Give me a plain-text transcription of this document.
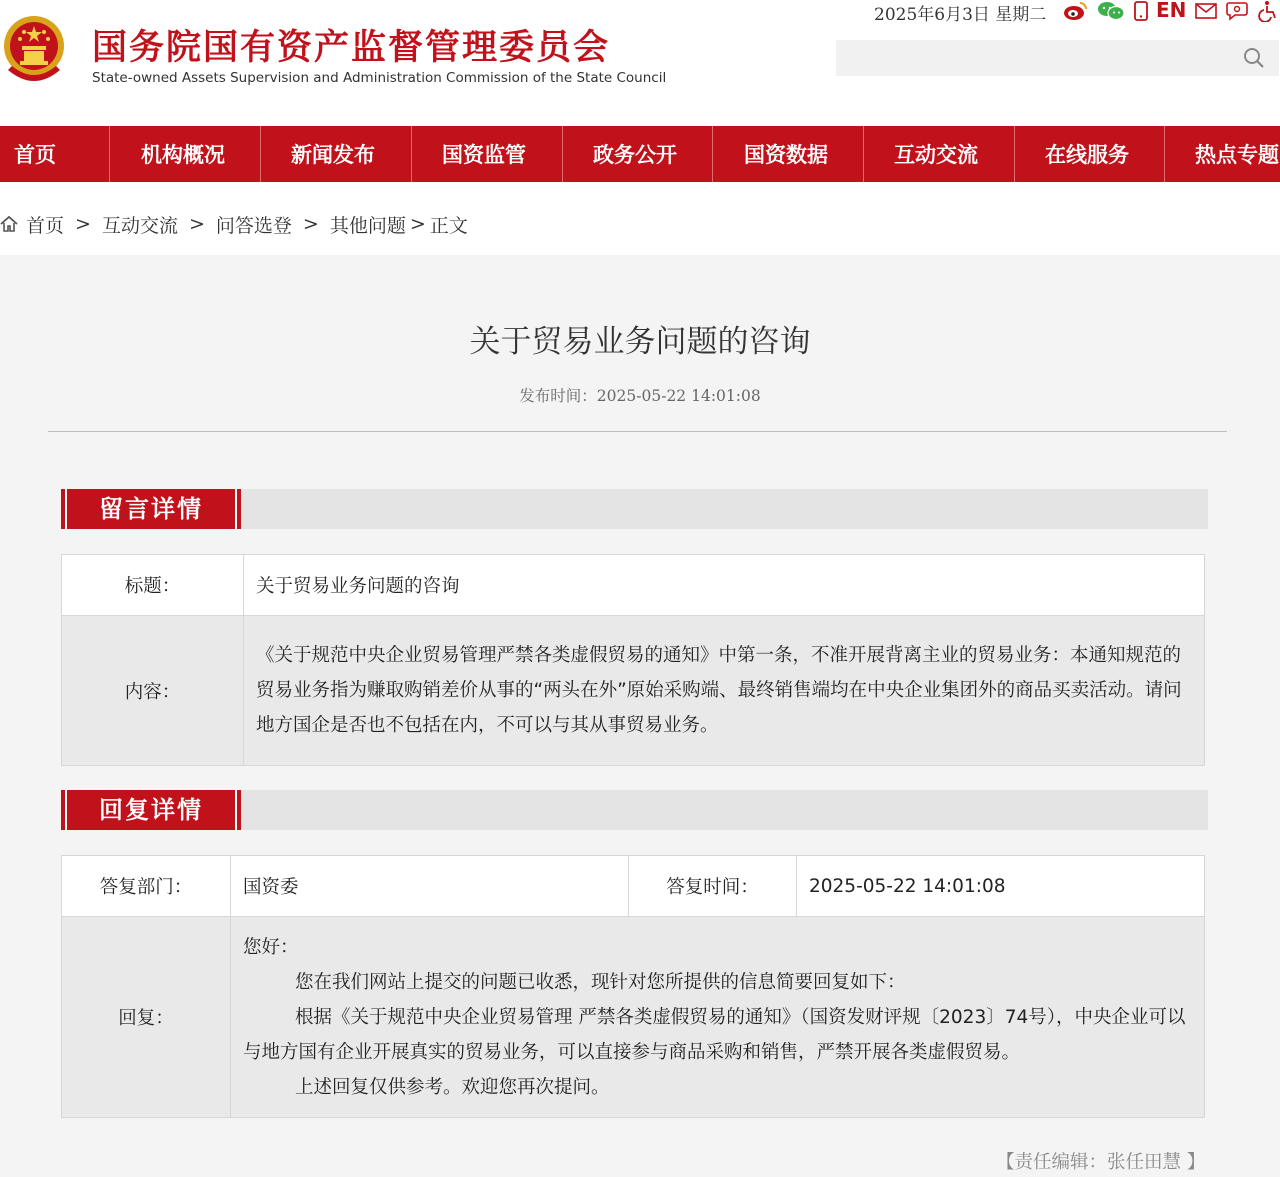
国务院国有资产监督管理委员会
State-owned Assets Supervision and Administration Commission of the State Council
2025年6月3日 星期二	EN
首页	机构概况	新闻发布	国资监管	政务公开	国资数据	互动交流	在线服务	热点专题
首页 > 互动交流 > 问答选登 > 其他问题 > 正文
关于贸易业务问题的咨询
发布时间：2025-05-22 14:01:08
留言详情
标题：	关于贸易业务问题的咨询
内容：	《关于规范中央企业贸易管理严禁各类虚假贸易的通知》中第一条，不准开展背离主业的贸易业务：本通知规范的贸易业务指为赚取购销差价从事的“两头在外”原始采购端、最终销售端均在中央企业集团外的商品买卖活动。请问地方国企是否也不包括在内，不可以与其从事贸易业务。
回复详情
答复部门：	国资委	答复时间：	2025-05-22 14:01:08
回复：	您好：
您在我们网站上提交的问题已收悉，现针对您所提供的信息简要回复如下：
根据《关于规范中央企业贸易管理 严禁各类虚假贸易的通知》（国资发财评规〔2023〕74号），中央企业可以与地方国有企业开展真实的贸易业务，可以直接参与商品采购和销售，严禁开展各类虚假贸易。
上述回复仅供参考。欢迎您再次提问。		
【责任编辑：张任田慧 】
